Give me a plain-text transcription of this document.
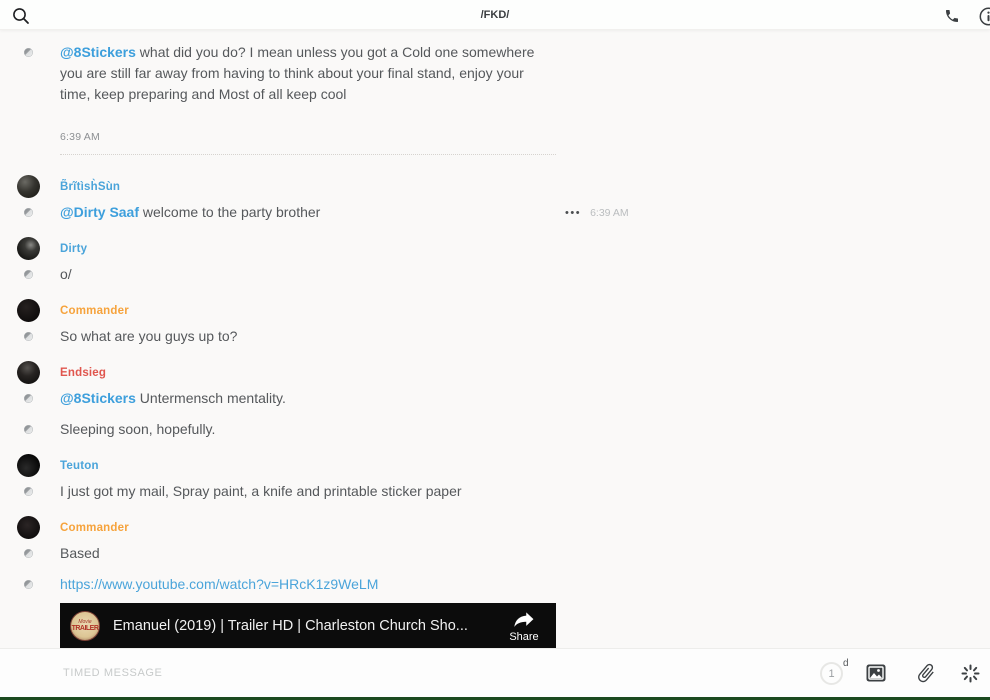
/FKD/
@8Stickers what did you do? I mean unless you got a Cold one somewhere you are still far away from having to think about your final stand, enjoy your time, keep preparing and Most of all keep cool
6:39 AM
B̃rĩtìsh̀Sùn
@Dirty Saaf welcome to the party brother	••• 6:39 AM
Dirty
o/
Commander
So what are you guys up to?
Endsieg
@8Stickers Untermensch mentality.
Sleeping soon, hopefully.
Teuton
I just got my mail, Spray paint, a knife and printable sticker paper
Commander
Based
https://www.youtube.com/watch?v=HRcK1z9WeLM
Movie
TRAILER Emanuel (2019) | Trailer HD | Charleston Church Sho...
Share
TIMED MESSAGE
1
d
